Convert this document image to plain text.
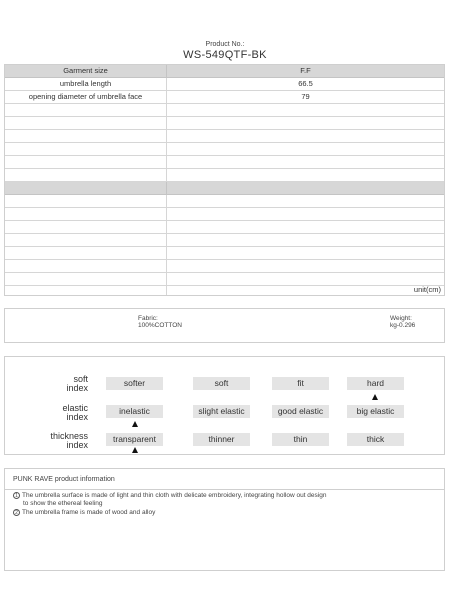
Product No.:
WS-549QTF-BK
Garment size	F.F
umbrella length	66.5
opening diameter of umbrella face	79
unit(cm)
Fabric:
100%COTTON
Weight:
kg-0.296
soft
index	softer	soft	fit	hard
elastic
index
inelastic	slight elastic	good elastic	big elastic
thickness
index
transparent	thinner	thin	thick
PUNK RAVE product information
1 The umbrella surface is made of light and thin cloth with delicate embroidery, integrating hollow out design
to show the ethereal feeling
2 The umbrella frame is made of wood and alloy
